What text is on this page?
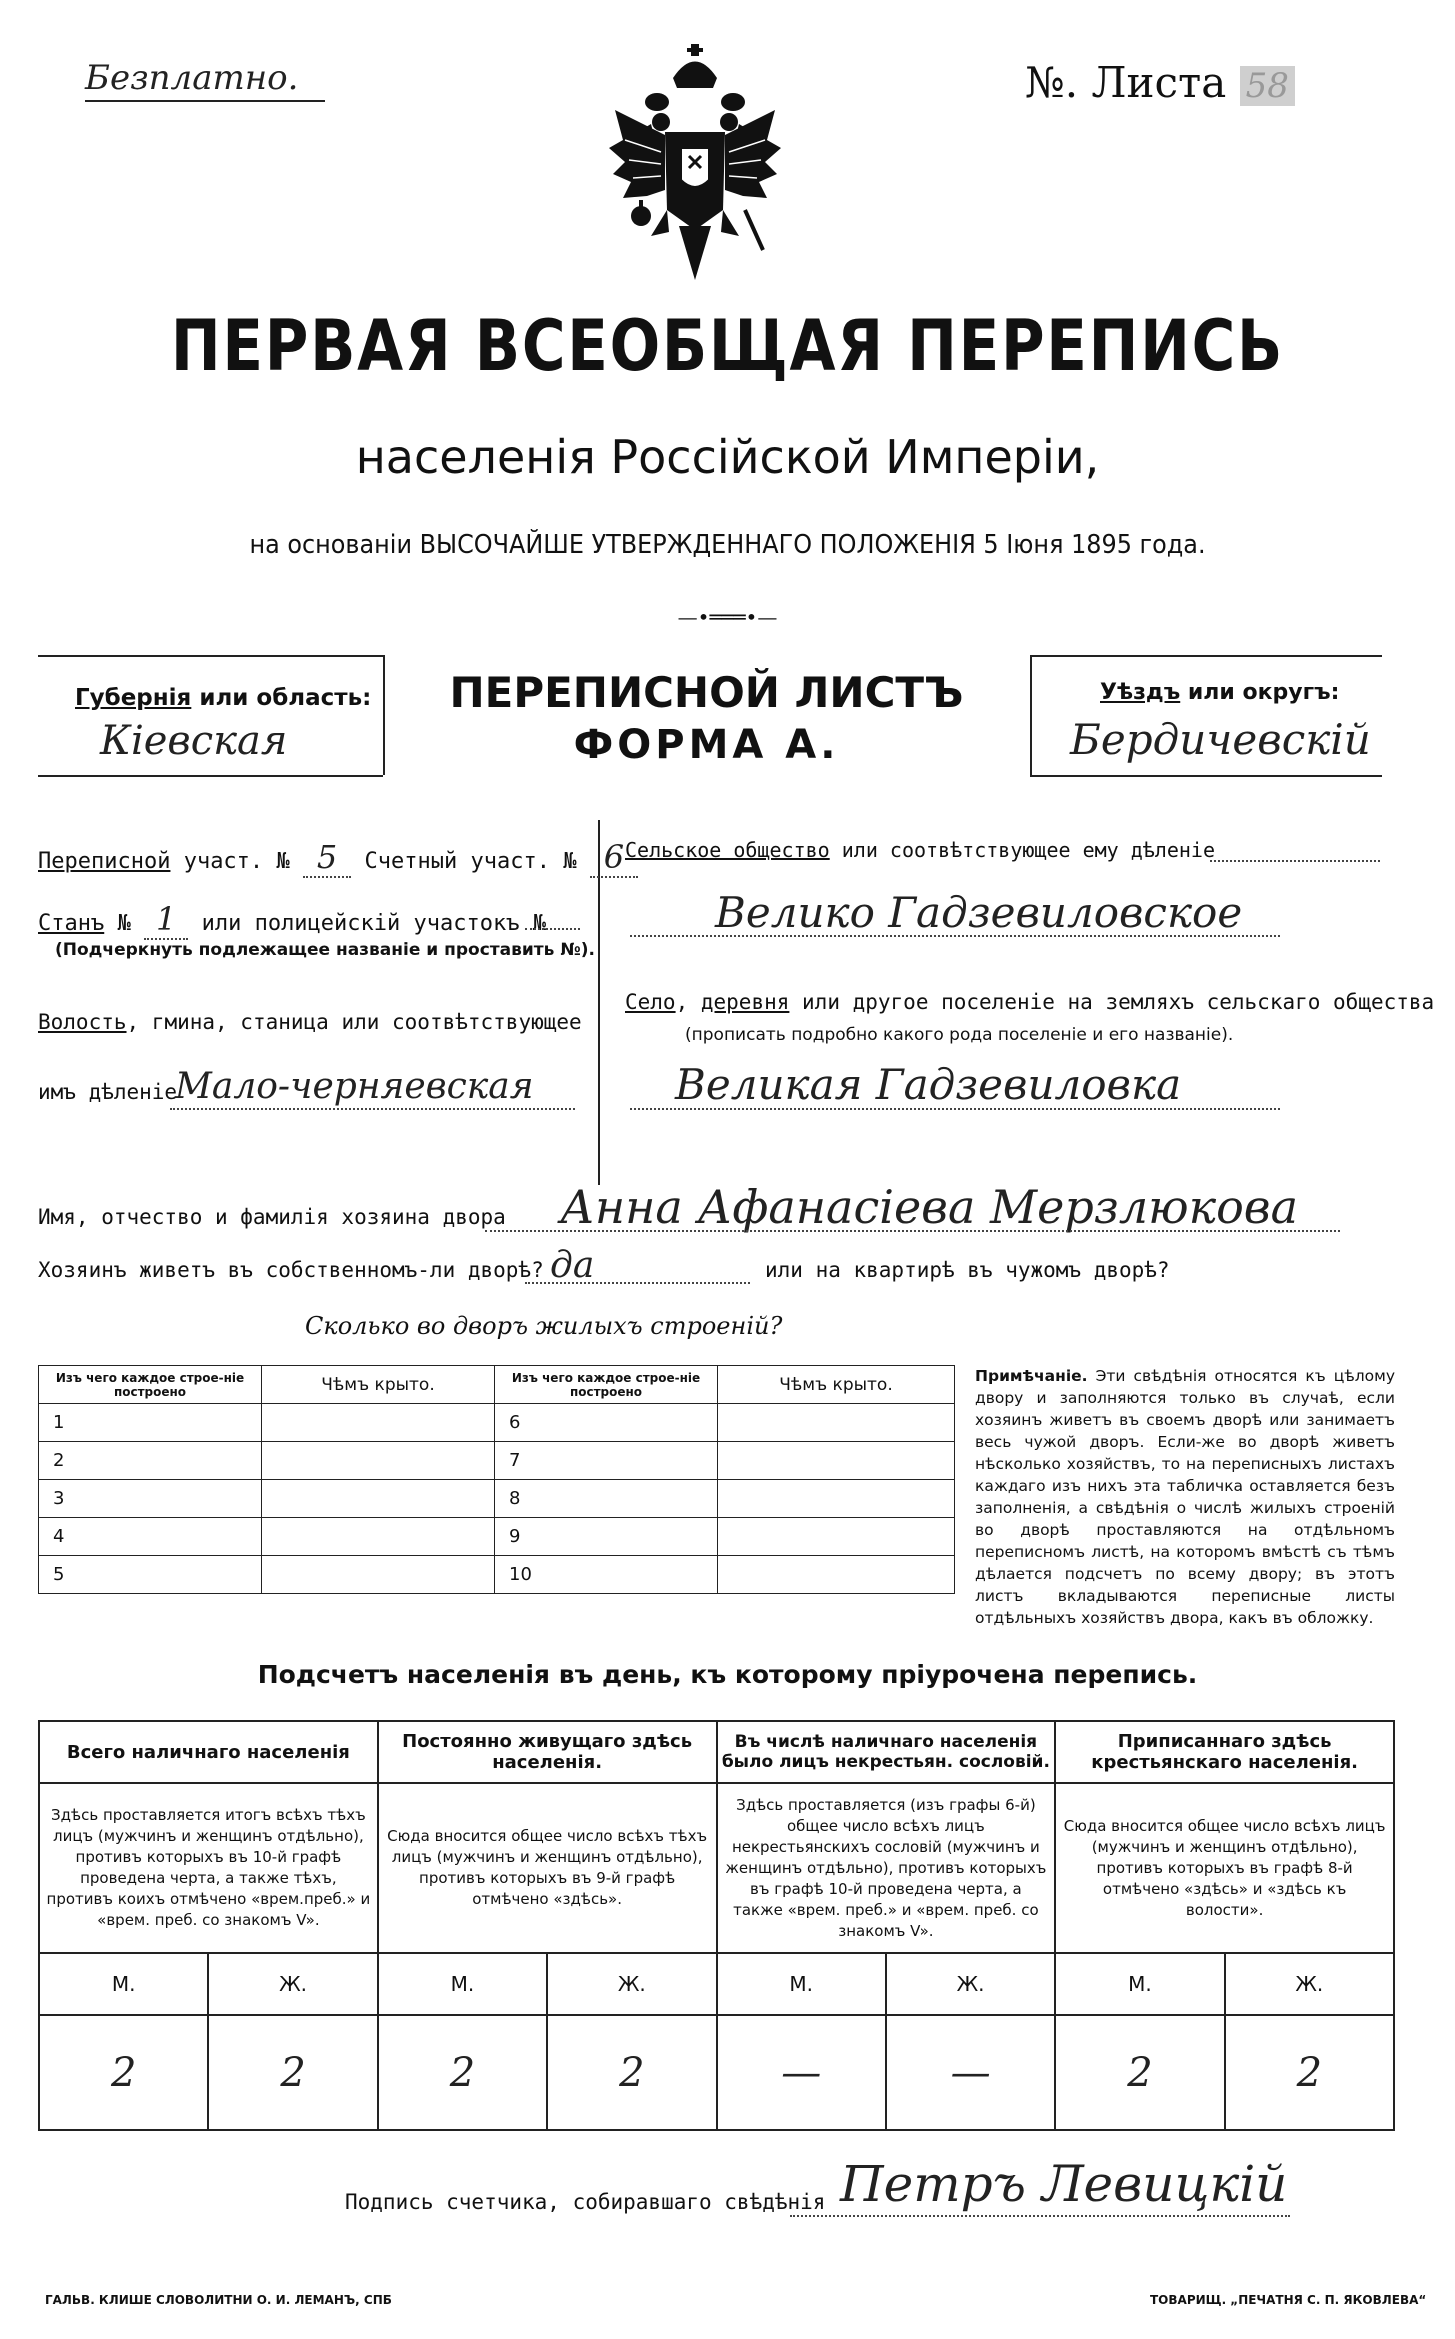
Безплатно.	№. Листа 58
ПЕРВАЯ ВСЕОБЩАЯ ПЕРЕПИСЬ
населенія Россійской Имперіи,
на основаніи ВЫСОЧАЙШЕ УТВЕРЖДЕННАГО ПОЛОЖЕНІЯ 5 Іюня 1895 года.
—•═══•—
Губернія или область:
Кіевская
ПЕРЕПИСНОЙ ЛИСТЪ
ФОРМА А.
Уѣздъ или округъ:
Бердичевскій
Переписной участ. № 5 Счетный участ. № 6
Станъ № 1 или полицейскій участокъ №
(Подчеркнуть подлежащее названіе и проставить №).
Волость, гмина, станица или соотвѣтствующее
имъ дѣленіе
Мало-черняевская
Сельское общество или соотвѣтствующее ему дѣленіе
Велико Гадзевиловское
Село, деревня или другое поселеніе на земляхъ сельскаго общества
(прописать подробно какого рода поселеніе и его названіе).
Великая Гадзевиловка
Имя, отчество и фамилія хозяина двора Анна Афанасіева Мерзлюкова
Хозяинъ живетъ въ собственномъ-ли дворѣ? да	или на квартирѣ въ чужомъ дворѣ?
Сколько во дворъ жилыхъ строеній?
Изъ чего каждое строе-ніе построено	Чѣмъ крыто.	Изъ чего каждое строе-ніе построено	Чѣмъ крыто.
1		6	
2		7	
3		8	
4		9	
5		10	
Примѣчаніе. Эти свѣдѣнія относятся къ цѣлому двору и заполняются только въ случаѣ, если хозяинъ живетъ въ своемъ дворѣ или занимаетъ весь чужой дворъ. Если-же во дворѣ живетъ нѣсколько хозяйствъ, то на переписныхъ листахъ каждаго изъ нихъ эта табличка оставляется безъ заполненія, а свѣдѣнія о числѣ жилыхъ строеній во дворѣ проставляются на отдѣльномъ переписномъ листѣ, на которомъ вмѣстѣ съ тѣмъ дѣлается подсчетъ по всему двору; въ этотъ листъ вкладываются переписные листы отдѣльныхъ хозяйствъ двора, какъ въ обложку.
Подсчетъ населенія въ день, къ которому пріурочена перепись.
Всего наличнаго населенія		Постоянно живущаго здѣсь населенія.		Въ числѣ наличнаго населенія было лицъ некрестьян. сословій.		Приписаннаго здѣсь крестьянскаго населенія.	
Здѣсь проставляется итогъ всѣхъ тѣхъ лицъ (мужчинъ и женщинъ отдѣльно), противъ которыхъ въ 10-й графѣ проведена черта, а также тѣхъ, противъ коихъ отмѣчено «врем.преб.» и «врем. преб. со знакомъ V».		Сюда вносится общее число всѣхъ тѣхъ лицъ (мужчинъ и женщинъ отдѣльно), противъ которыхъ въ 9-й графѣ отмѣчено «здѣсь».		Здѣсь проставляется (изъ графы 6-й) общее число всѣхъ лицъ некрестьянскихъ сословій (мужчинъ и женщинъ отдѣльно), противъ которыхъ въ графѣ 10-й проведена черта, а также «врем. преб.» и «врем. преб. со знакомъ V».		Сюда вносится общее число всѣхъ лицъ (мужчинъ и женщинъ отдѣльно), противъ которыхъ въ графѣ 8-й отмѣчено «здѣсь» и «здѣсь къ волости».	
М.	Ж.	М.	Ж.	М.	Ж.	М.	Ж.
2	2	2	2	—	—	2	2
Подпись счетчика, собиравшаго свѣдѣнія Петръ Левицкій
ГАЛЬВ. КЛИШЕ СЛОВОЛИТНИ О. И. ЛЕМАНЪ, СПБ	ТОВАРИЩ. „ПЕЧАТНЯ С. П. ЯКОВЛЕВА“
